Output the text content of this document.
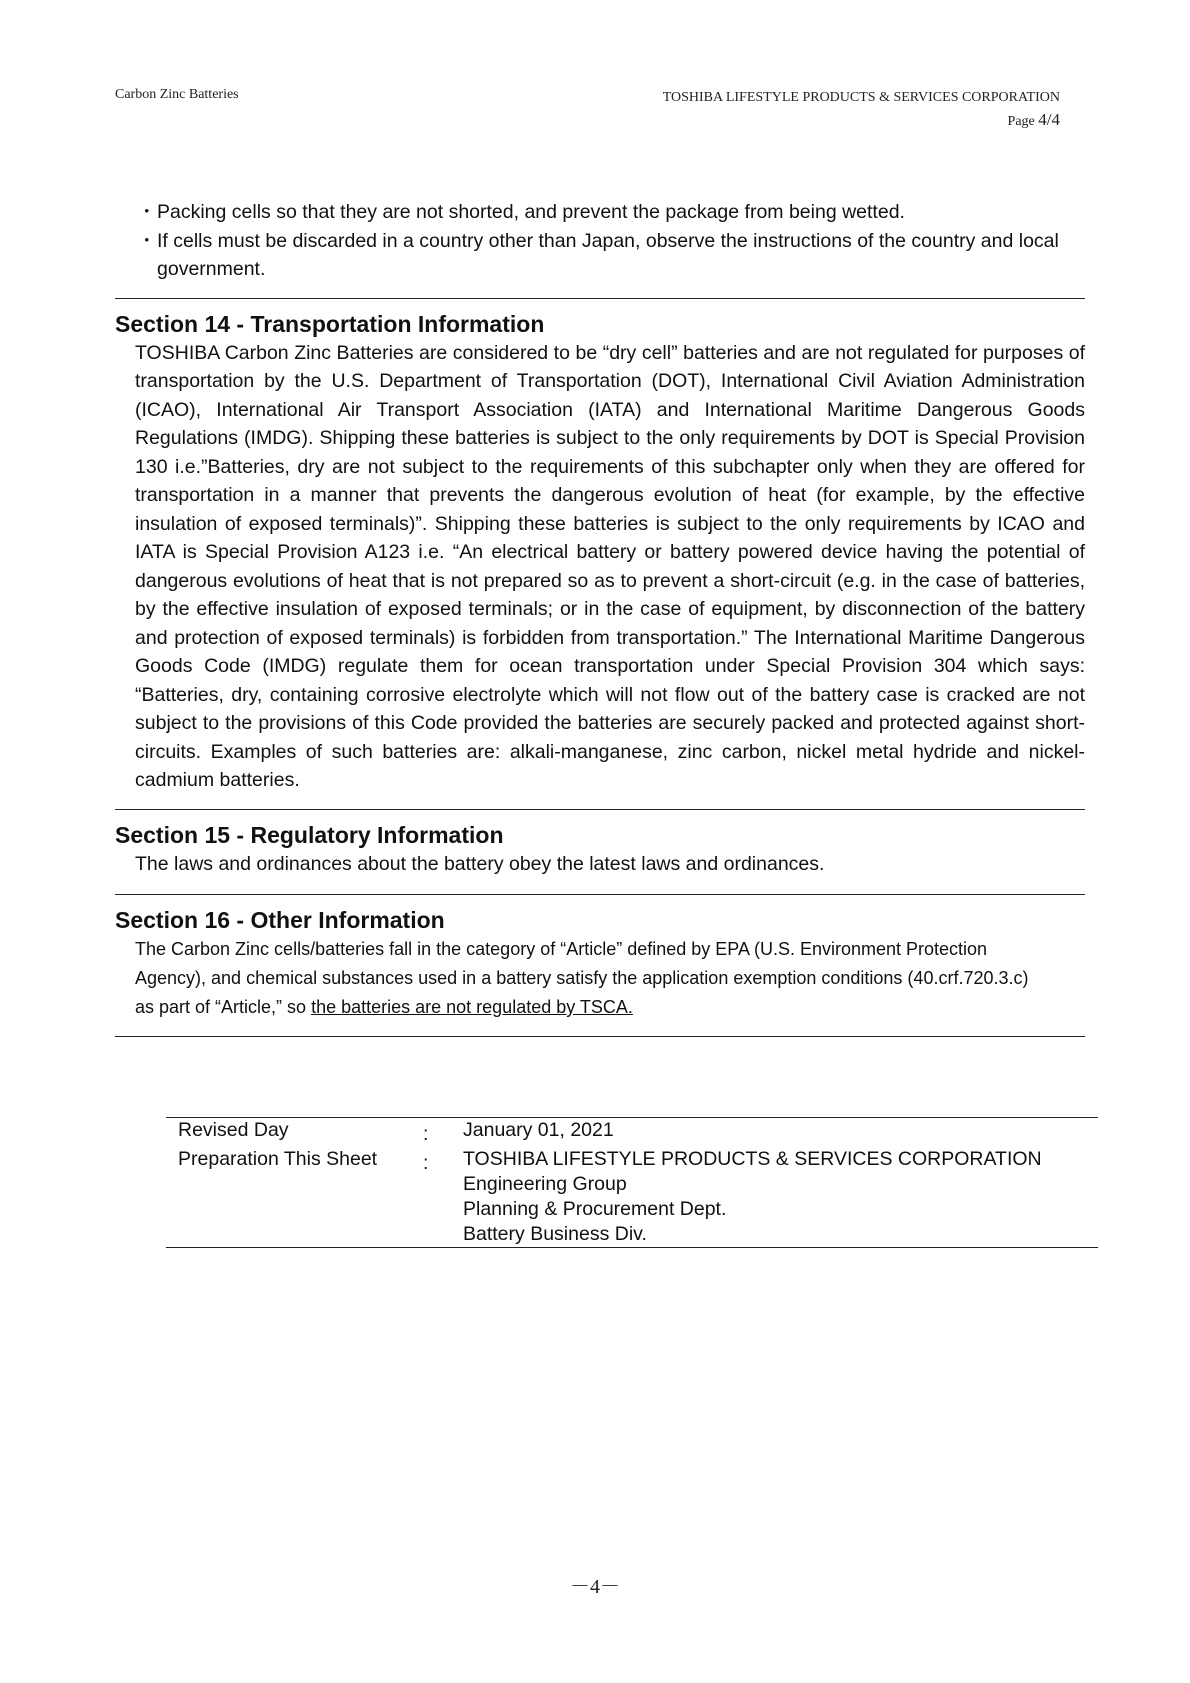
Carbon Zinc Batteries	TOSHIBA LIFESTYLE PRODUCTS & SERVICES CORPORATION
Page 4/4
・ Packing cells so that they are not shorted, and prevent the package from being wetted.
・ If cells must be discarded in a country other than Japan, observe the instructions of the country and local government.
Section 14 - Transportation Information
TOSHIBA Carbon Zinc Batteries are considered to be “dry cell” batteries and are not regulated for purposes of transportation by the U.S. Department of Transportation (DOT), International Civil Aviation Administration (ICAO), International Air Transport Association (IATA) and International Maritime Dangerous Goods Regulations (IMDG). Shipping these batteries is subject to the only requirements by DOT is Special Provision 130 i.e.”Batteries, dry are not subject to the requirements of this subchapter only when they are offered for transportation in a manner that prevents the dangerous evolution of heat (for example, by the effective insulation of exposed terminals)”. Shipping these batteries is subject to the only requirements by ICAO and IATA is Special Provision A123 i.e. “An electrical battery or battery powered device having the potential of dangerous evolutions of heat that is not prepared so as to prevent a short-circuit (e.g. in the case of batteries, by the effective insulation of exposed terminals; or in the case of equipment, by disconnection of the battery and protection of exposed terminals) is forbidden from transportation.” The International Maritime Dangerous Goods Code (IMDG) regulate them for ocean transportation under Special Provision 304 which says: “Batteries, dry, containing corrosive electrolyte which will not flow out of the battery case is cracked are not subject to the provisions of this Code provided the batteries are securely packed and protected against short-circuits. Examples of such batteries are: alkali-manganese, zinc carbon, nickel metal hydride and nickel-cadmium batteries.
Section 15 - Regulatory Information
The laws and ordinances about the battery obey the latest laws and ordinances.
Section 16 - Other Information
The Carbon Zinc cells/batteries fall in the category of “Article” defined by EPA (U.S. Environment Protection Agency), and chemical substances used in a battery satisfy the application exemption conditions (40.crf.720.3.c) as part of “Article,” so the batteries are not regulated by TSCA.
Revised Day	:	January 01, 2021
Preparation This Sheet	:	TOSHIBA LIFESTYLE PRODUCTS & SERVICES CORPORATION
Engineering Group
Planning & Procurement Dept.
Battery Business Div.
－4－
